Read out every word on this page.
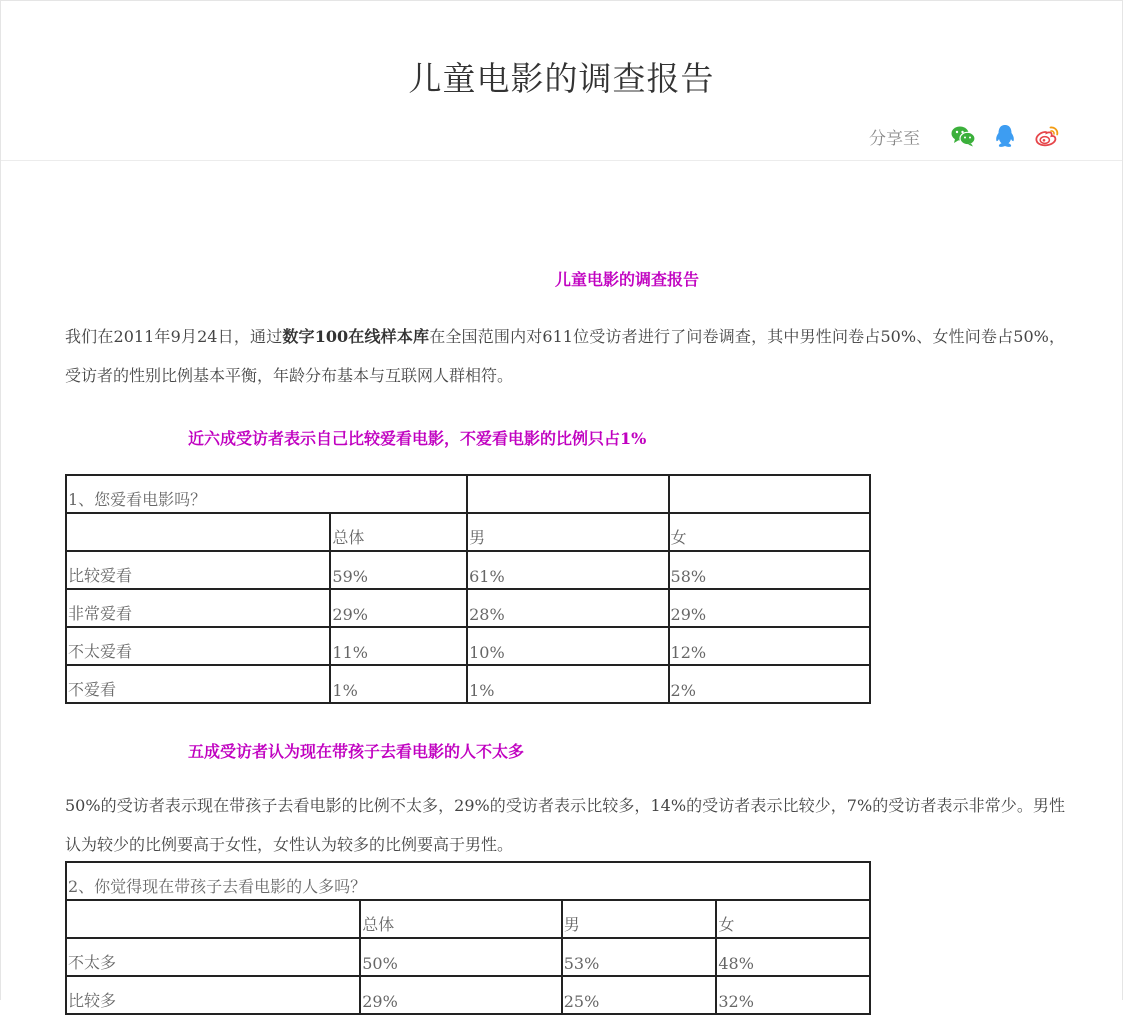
儿童电影的调查报告
分享至

儿童电影的调查报告

我们在2011年9月24日，通过数字100在线样本库在全国范围内对611位受访者进行了问卷调查，其中男性问卷占50%、女性问卷占50%，受访者的性别比例基本平衡，年龄分布基本与互联网人群相符。

近六成受访者表示自己比较爱看电影，不爱看电影的比例只占1%

1、您爱看电影吗？			
	总体	男	女
比较爱看	59%	61%	58%
非常爱看	29%	28%	29%
不太爱看	11%	10%	12%
不爱看	1%	1%	2%

五成受访者认为现在带孩子去看电影的人不太多

50%的受访者表示现在带孩子去看电影的比例不太多，29%的受访者表示比较多，14%的受访者表示比较少，7%的受访者表示非常少。男性认为较少的比例要高于女性，女性认为较多的比例要高于男性。

2、你觉得现在带孩子去看电影的人多吗？			
	总体	男	女
不太多	50%	53%	48%
比较多	29%	25%	32%
